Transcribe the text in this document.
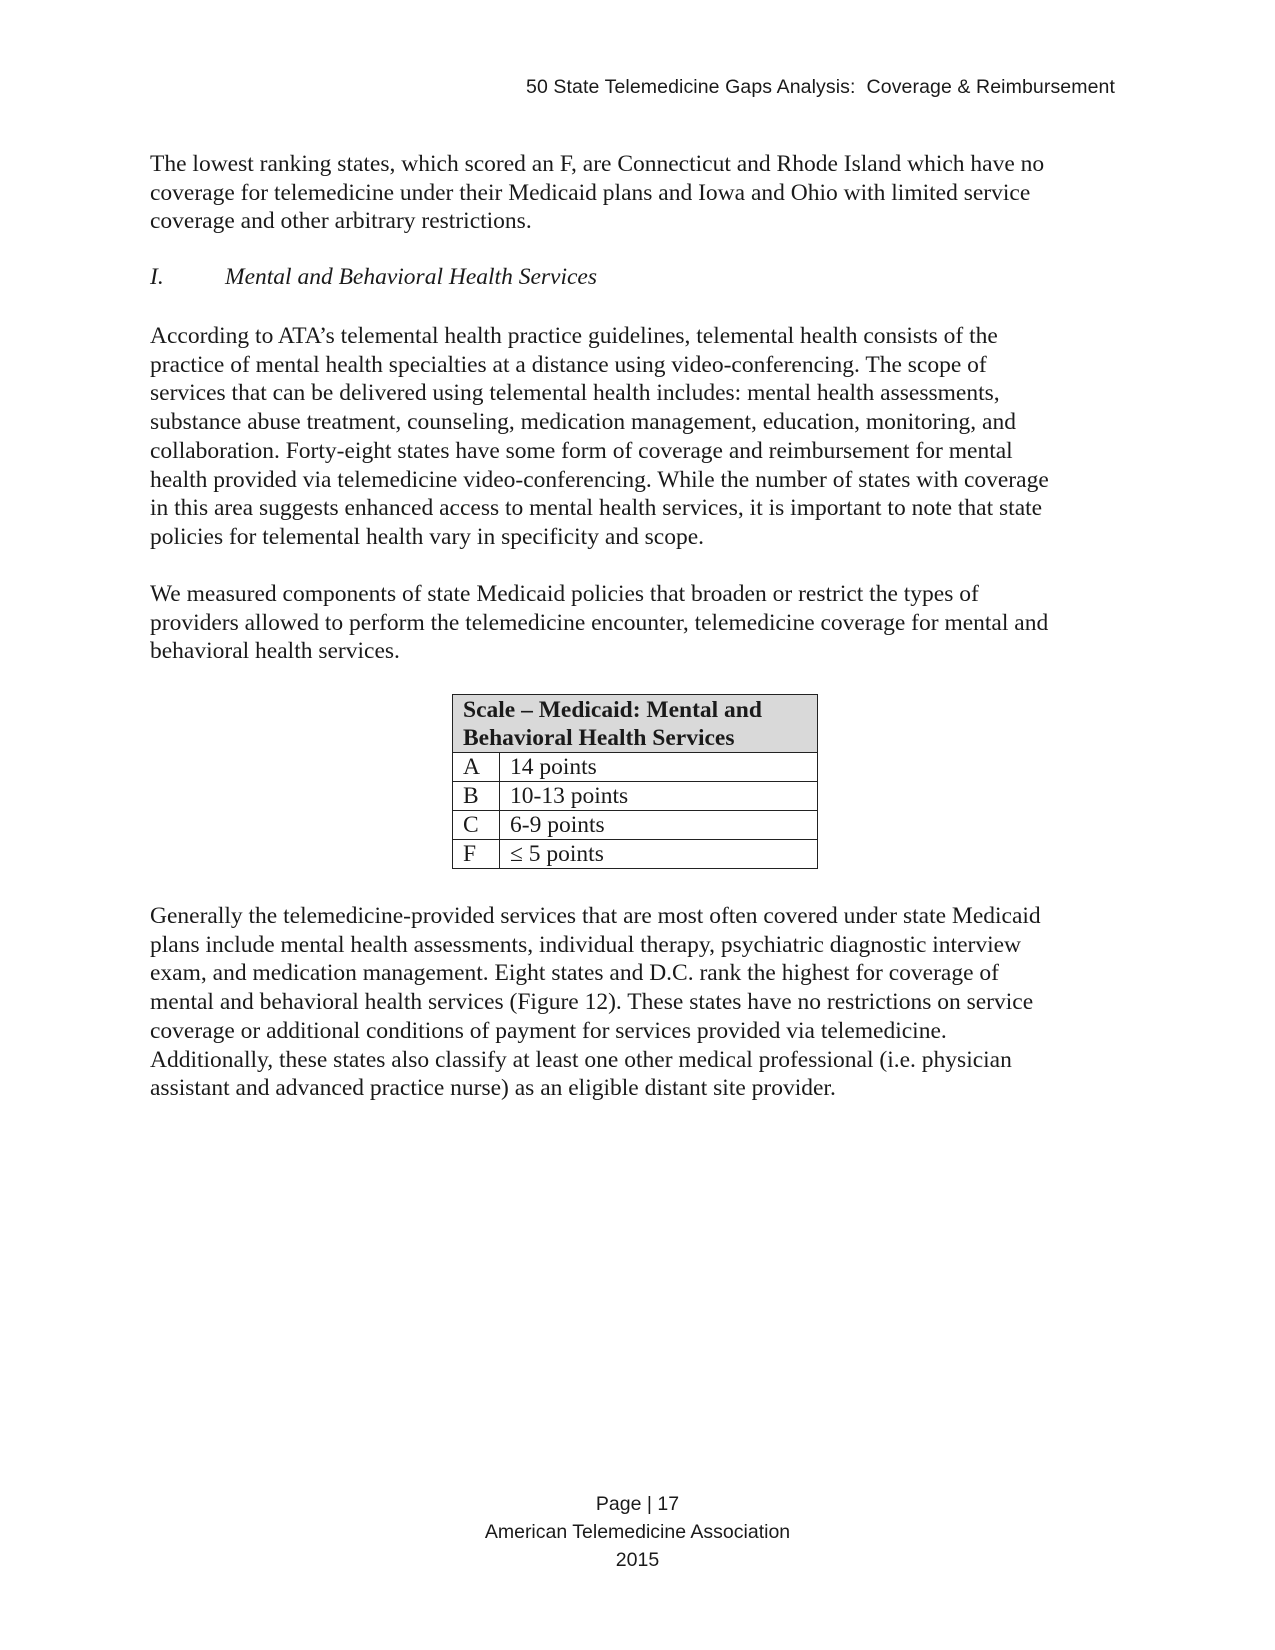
50 State Telemedicine Gaps Analysis:  Coverage & Reimbursement

The lowest ranking states, which scored an F, are Connecticut and Rhode Island which have no
coverage for telemedicine under their Medicaid plans and Iowa and Ohio with limited service
coverage and other arbitrary restrictions.

I.	Mental and Behavioral Health Services

According to ATA’s telemental health practice guidelines, telemental health consists of the
practice of mental health specialties at a distance using video-conferencing. The scope of
services that can be delivered using telemental health includes: mental health assessments,
substance abuse treatment, counseling, medication management, education, monitoring, and
collaboration. Forty-eight states have some form of coverage and reimbursement for mental
health provided via telemedicine video-conferencing. While the number of states with coverage
in this area suggests enhanced access to mental health services, it is important to note that state
policies for telemental health vary in specificity and scope.

We measured components of state Medicaid policies that broaden or restrict the types of
providers allowed to perform the telemedicine encounter, telemedicine coverage for mental and
behavioral health services.

Scale – Medicaid: Mental and
Behavioral Health Services	

A	14 points
B	10-13 points
C	6-9 points
F	≤ 5 points

Generally the telemedicine-provided services that are most often covered under state Medicaid
plans include mental health assessments, individual therapy, psychiatric diagnostic interview
exam, and medication management. Eight states and D.C. rank the highest for coverage of
mental and behavioral health services (Figure 12). These states have no restrictions on service
coverage or additional conditions of payment for services provided via telemedicine.
Additionally, these states also classify at least one other medical professional (i.e. physician
assistant and advanced practice nurse) as an eligible distant site provider.

Page | 17
American Telemedicine Association
2015
